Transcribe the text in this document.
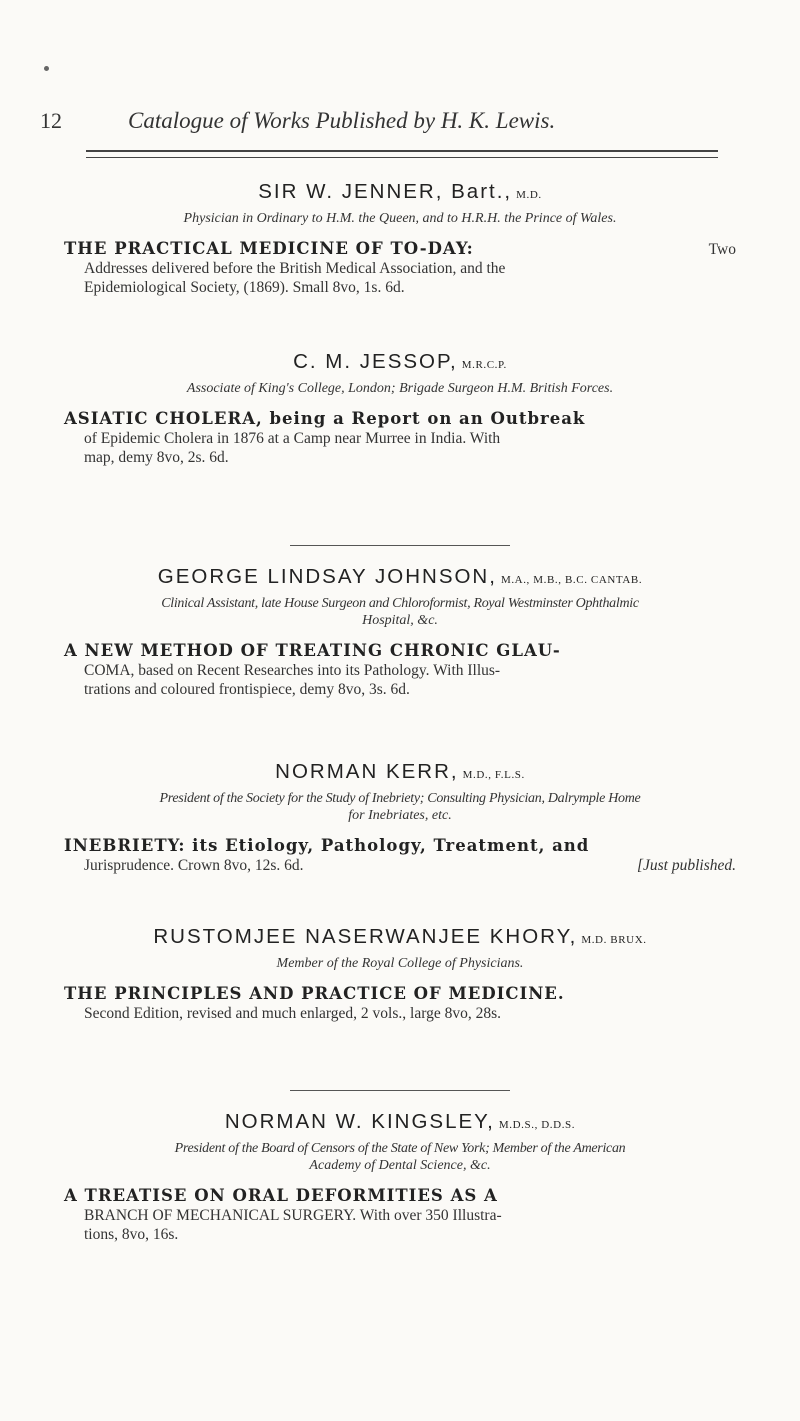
12	Catalogue of Works Published by H. K. Lewis.
SIR W. JENNER, Bart., M.D.
Physician in Ordinary to H.M. the Queen, and to H.R.H. the Prince of Wales.
THE PRACTICAL MEDICINE OF TO-DAY:	Two
Addresses delivered before the British Medical Association, and the
Epidemiological Society, (1869). Small 8vo, 1s. 6d.
C. M. JESSOP, M.R.C.P.
Associate of King's College, London; Brigade Surgeon H.M. British Forces.
ASIATIC CHOLERA, being a Report on an Outbreak
of Epidemic Cholera in 1876 at a Camp near Murree in India. With
map, demy 8vo, 2s. 6d.
GEORGE LINDSAY JOHNSON, M.A., M.B., B.C. CANTAB.
Clinical Assistant, late House Surgeon and Chloroformist, Royal Westminster Ophthalmic
Hospital, &c.
A NEW METHOD OF TREATING CHRONIC GLAU-
COMA, based on Recent Researches into its Pathology. With Illus-
trations and coloured frontispiece, demy 8vo, 3s. 6d.
NORMAN KERR, M.D., F.L.S.
President of the Society for the Study of Inebriety; Consulting Physician, Dalrymple Home
for Inebriates, etc.
INEBRIETY: its Etiology, Pathology, Treatment, and
Jurisprudence. Crown 8vo, 12s. 6d.	[Just published.
RUSTOMJEE NASERWANJEE KHORY, M.D. BRUX.
Member of the Royal College of Physicians.
THE PRINCIPLES AND PRACTICE OF MEDICINE.
Second Edition, revised and much enlarged, 2 vols., large 8vo, 28s.
NORMAN W. KINGSLEY, M.D.S., D.D.S.
President of the Board of Censors of the State of New York; Member of the American
Academy of Dental Science, &c.
A TREATISE ON ORAL DEFORMITIES AS A
BRANCH OF MECHANICAL SURGERY. With over 350 Illustra-
tions, 8vo, 16s.
